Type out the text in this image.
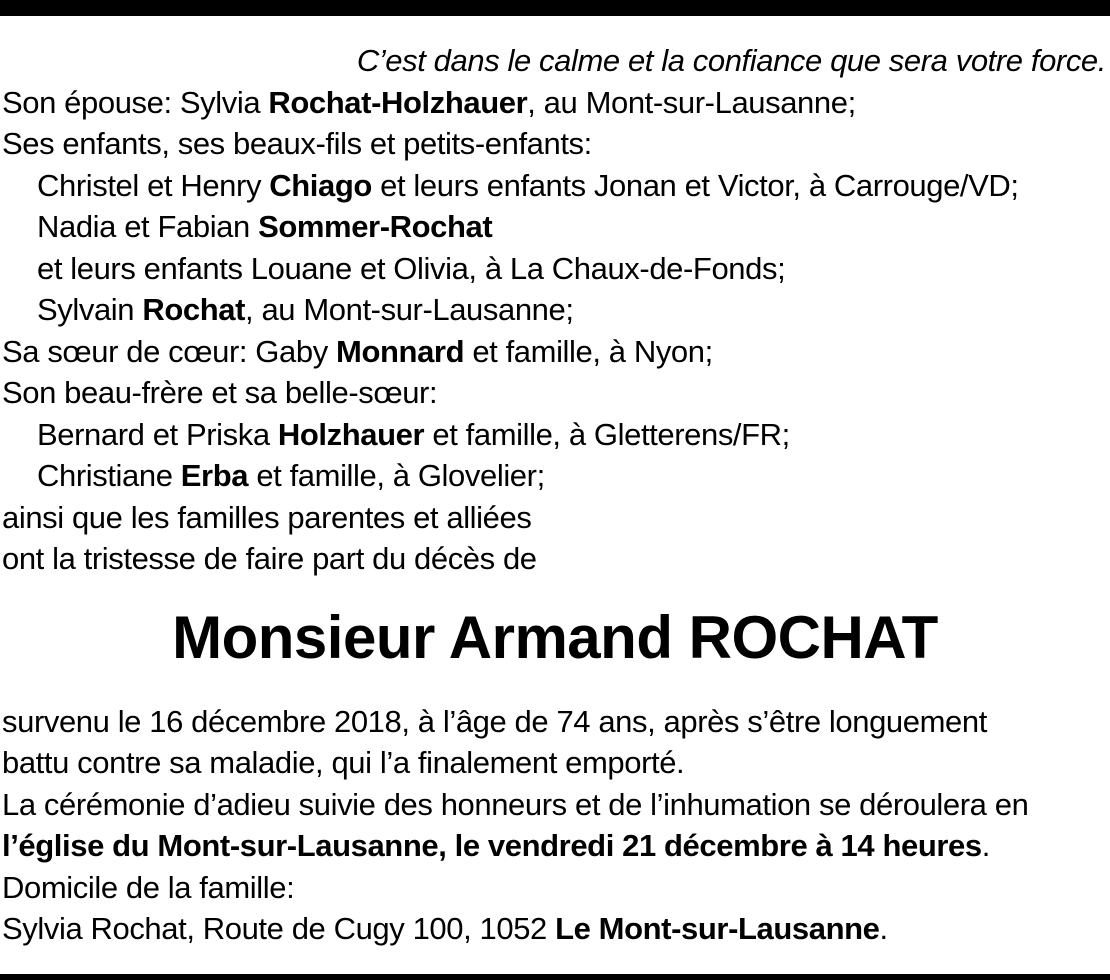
C’est dans le calme et la confiance que sera votre force.
Son épouse: Sylvia Rochat-Holzhauer, au Mont-sur-Lausanne;
Ses enfants, ses beaux-fils et petits-enfants:
Christel et Henry Chiago et leurs enfants Jonan et Victor, à Carrouge/VD;
Nadia et Fabian Sommer-Rochat
et leurs enfants Louane et Olivia, à La Chaux-de-Fonds;
Sylvain Rochat, au Mont-sur-Lausanne;
Sa sœur de cœur: Gaby Monnard et famille, à Nyon;
Son beau-frère et sa belle-sœur:
Bernard et Priska Holzhauer et famille, à Gletterens/FR;
Christiane Erba et famille, à Glovelier;
ainsi que les familles parentes et alliées
ont la tristesse de faire part du décès de
Monsieur Armand ROCHAT
survenu le 16 décembre 2018, à l’âge de 74 ans, après s’être longuement
battu contre sa maladie, qui l’a finalement emporté.
La cérémonie d’adieu suivie des honneurs et de l’inhumation se déroulera en
l’église du Mont-sur-Lausanne, le vendredi 21 décembre à 14 heures.
Domicile de la famille:
Sylvia Rochat, Route de Cugy 100, 1052 Le Mont-sur-Lausanne.
